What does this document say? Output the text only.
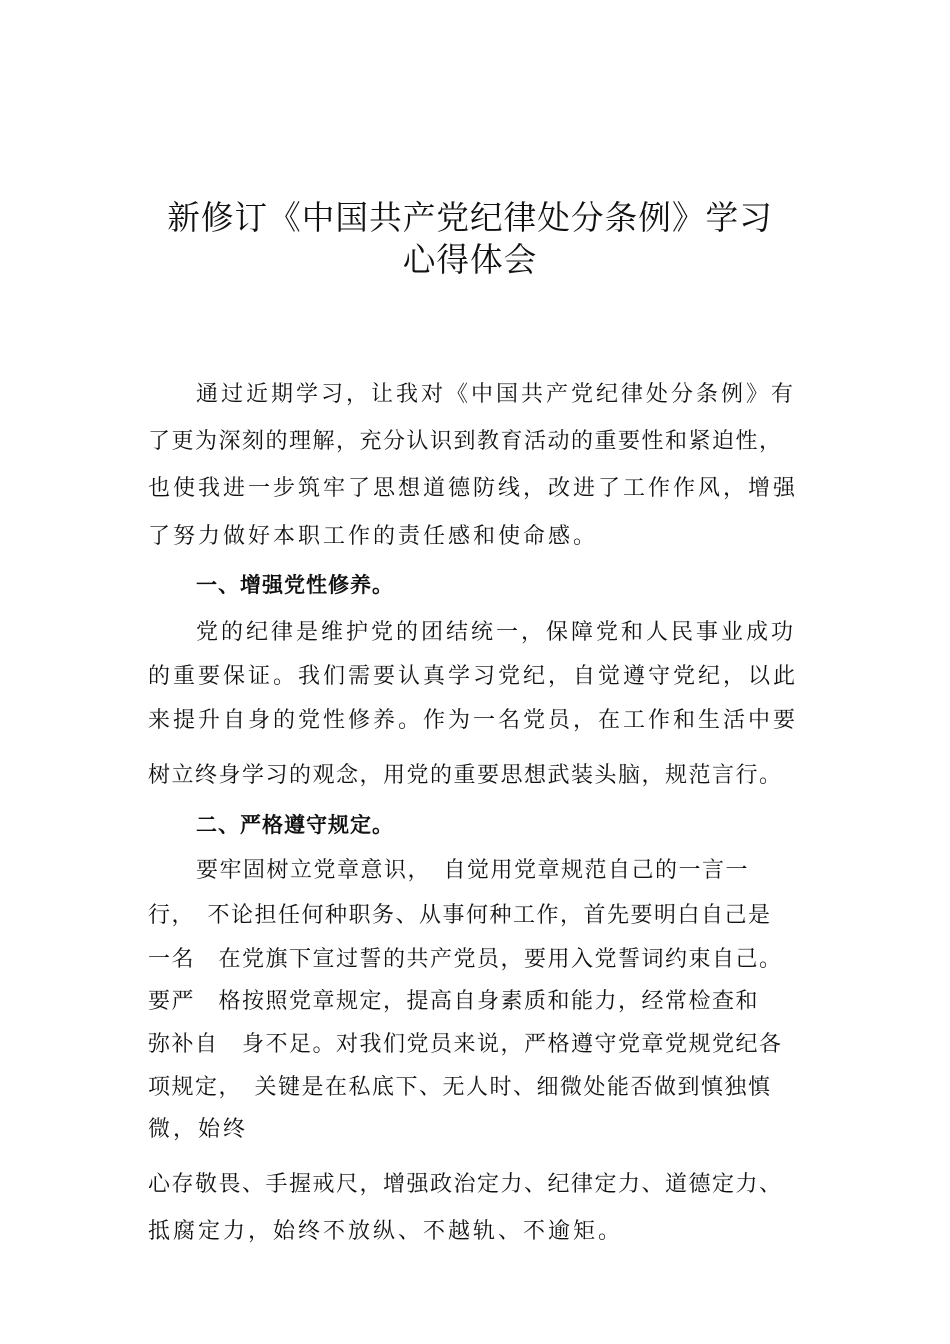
新修订《中国共产党纪律处分条例》学习
心得体会
通过近期学习，让我对《中国共产党纪律处分条例》有
了更为深刻的理解，充分认识到教育活动的重要性和紧迫性，
也使我进一步筑牢了思想道德防线，改进了工作作风，增强
了努力做好本职工作的责任感和使命感。
一、增强党性修养。
党的纪律是维护党的团结统一，保障党和人民事业成功
的重要保证。我们需要认真学习党纪，自觉遵守党纪，以此
来提升自身的党性修养。作为一名党员，在工作和生活中要
树立终身学习的观念，用党的重要思想武装头脑，规范言行。
二、严格遵守规定。
要牢固树立党章意识，　自觉用党章规范自己的一言一
行，　不论担任何种职务、从事何种工作，首先要明白自己是
一名　在党旗下宣过誓的共产党员，要用入党誓词约束自己。
要严　格按照党章规定，提高自身素质和能力，经常检查和
弥补自　身不足。对我们党员来说，严格遵守党章党规党纪各
项规定，　关键是在私底下、无人时、细微处能否做到慎独慎
微，始终
心存敬畏、手握戒尺，增强政治定力、纪律定力、道德定力、
抵腐定力，始终不放纵、不越轨、不逾矩。
